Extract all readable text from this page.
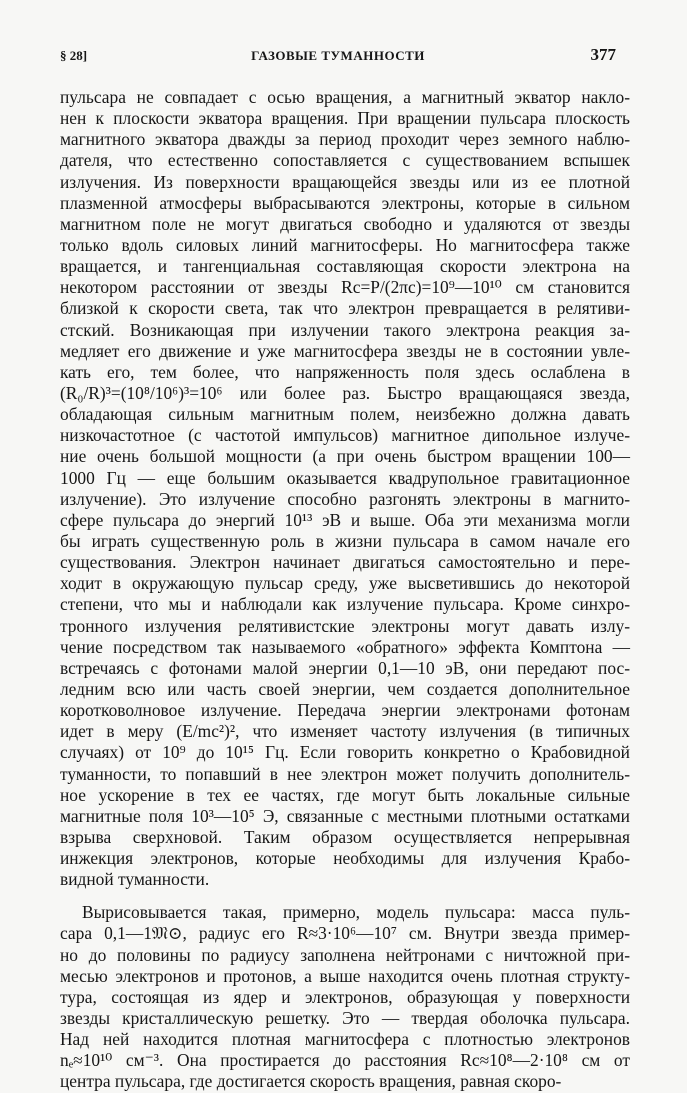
§ 28]	ГАЗОВЫЕ ТУМАННОСТИ	377
пульсара не совпадает с осью вращения, а магнитный экватор накло-
нен к плоскости экватора вращения. При вращении пульсара плоскость
магнитного экватора дважды за период проходит через земного наблю-
дателя, что естественно сопоставляется с существованием вспышек
излучения. Из поверхности вращающейся звезды или из ее плотной
плазменной атмосферы выбрасываются электроны, которые в сильном
магнитном поле не могут двигаться свободно и удаляются от звезды
только вдоль силовых линий магнитосферы. Но магнитосфера также
вращается, и тангенциальная составляющая скорости электрона на
некотором расстоянии от звезды Rc=P/(2πc)=10⁹—10¹⁰ см становится
близкой к скорости света, так что электрон превращается в релятиви-
стский. Возникающая при излучении такого электрона реакция за-
медляет его движение и уже магнитосфера звезды не в состоянии увле-
кать его, тем более, что напряженность поля здесь ослаблена в
(R₀/R)³=(10⁸/10⁶)³=10⁶ или более раз. Быстро вращающаяся звезда,
обладающая сильным магнитным полем, неизбежно должна давать
низкочастотное (с частотой импульсов) магнитное дипольное излуче-
ние очень большой мощности (а при очень быстром вращении 100—
1000 Гц — еще большим оказывается квадрупольное гравитационное
излучение). Это излучение способно разгонять электроны в магнито-
сфере пульсара до энергий 10¹³ эВ и выше. Оба эти механизма могли
бы играть существенную роль в жизни пульсара в самом начале его
существования. Электрон начинает двигаться самостоятельно и пере-
ходит в окружающую пульсар среду, уже высветившись до некоторой
степени, что мы и наблюдали как излучение пульсара. Кроме синхро-
тронного излучения релятивистские электроны могут давать излу-
чение посредством так называемого «обратного» эффекта Комптона —
встречаясь с фотонами малой энергии 0,1—10 эВ, они передают пос-
ледним всю или часть своей энергии, чем создается дополнительное
коротковолновое излучение. Передача энергии электронами фотонам
идет в меру (E/mc²)², что изменяет частоту излучения (в типичных
случаях) от 10⁹ до 10¹⁵ Гц. Если говорить конкретно о Крабовидной
туманности, то попавший в нее электрон может получить дополнитель-
ное ускорение в тех ее частях, где могут быть локальные сильные
магнитные поля 10³—10⁵ Э, связанные с местными плотными остатками
взрыва сверхновой. Таким образом осуществляется непрерывная
инжекция электронов, которые необходимы для излучения Крабо-
видной туманности.
Вырисовывается такая, примерно, модель пульсара: масса пуль-
сара 0,1—1𝔐⊙, радиус его R≈3·10⁶—10⁷ см. Внутри звезда пример-
но до половины по радиусу заполнена нейтронами с ничтожной при-
месью электронов и протонов, а выше находится очень плотная структу-
тура, состоящая из ядер и электронов, образующая у поверхности
звезды кристаллическую решетку. Это — твердая оболочка пульсара.
Над ней находится плотная магнитосфера с плотностью электронов
nₑ≈10¹⁰ см⁻³. Она простирается до расстояния Rc≈10⁸—2·10⁸ см от
центра пульсара, где достигается скорость вращения, равная скоро-
